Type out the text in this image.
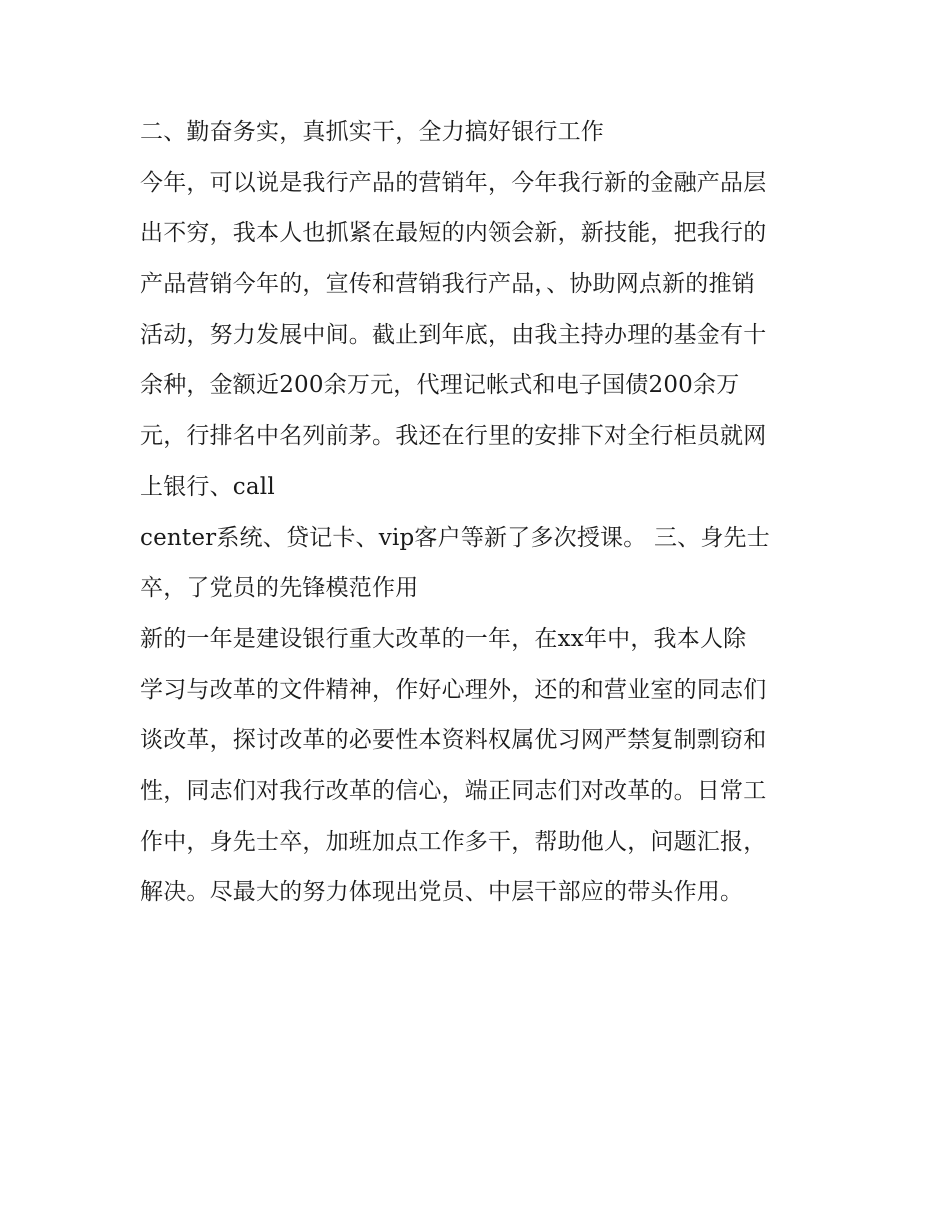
二、勤奋务实，真抓实干，全力搞好银行工作
今年，可以说是我行产品的营销年，今年我行新的金融产品层
出不穷，我本人也抓紧在最短的内领会新，新技能，把我行的
产品营销今年的，宣传和营销我行产品，、协助网点新的推销
活动，努力发展中间。截止到年底，由我主持办理的基金有十
余种，金额近200余万元，代理记帐式和电子国债200余万
元，行排名中名列前茅。我还在行里的安排下对全行柜员就网
上银行、call
center系统、贷记卡、vip客户等新了多次授课。 三、身先士
卒，了党员的先锋模范作用
新的一年是建设银行重大改革的一年，在xx年中，我本人除
学习与改革的文件精神，作好心理外，还的和营业室的同志们
谈改革，探讨改革的必要性本资料权属优习网严禁复制剽窃和
性，同志们对我行改革的信心，端正同志们对改革的。日常工
作中，身先士卒，加班加点工作多干，帮助他人，问题汇报，
解决。尽最大的努力体现出党员、中层干部应的带头作用。
